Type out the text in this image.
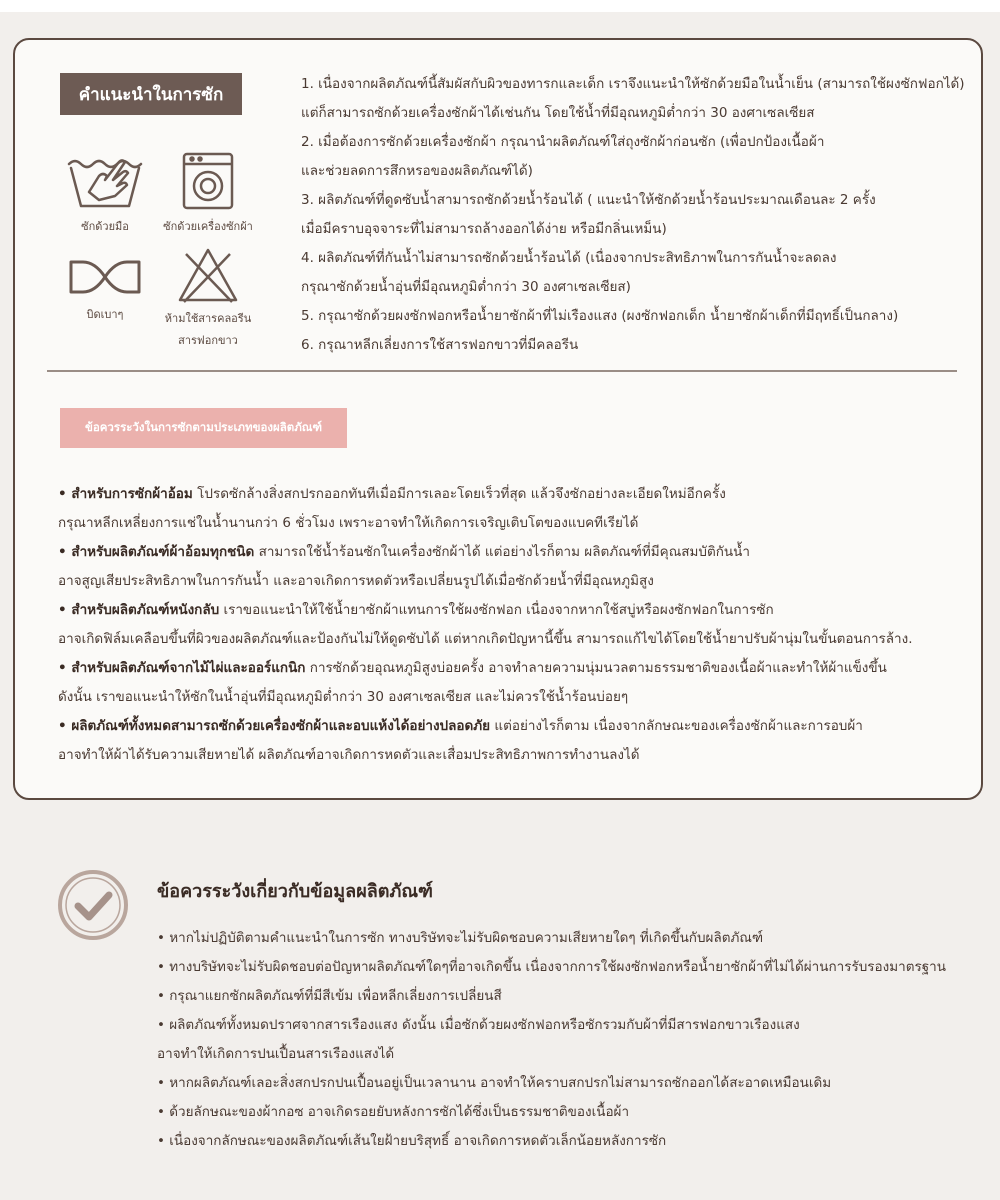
คำแนะนำในการซัก
ซักด้วยมือ	ซักด้วยเครื่องซักผ้า
บิดเบาๆ	ห้ามใช้สารคลอรีน
สารฟอกขาว
1. เนื่องจากผลิตภัณฑ์นี้สัมผัสกับผิวของทารกและเด็ก เราจึงแนะนำให้ซักด้วยมือในน้ำเย็น (สามารถใช้ผงซักฟอกได้)
แต่ก็สามารถซักด้วยเครื่องซักผ้าได้เช่นกัน โดยใช้น้ำที่มีอุณหภูมิต่ำกว่า 30 องศาเซลเซียส
2. เมื่อต้องการซักด้วยเครื่องซักผ้า กรุณานำผลิตภัณฑ์ใส่ถุงซักผ้าก่อนซัก (เพื่อปกป้องเนื้อผ้า
และช่วยลดการสึกหรอของผลิตภัณฑ์ได้)
3. ผลิตภัณฑ์ที่ดูดซับน้ำสามารถซักด้วยน้ำร้อนได้ ( แนะนำให้ซักด้วยน้ำร้อนประมาณเดือนละ 2 ครั้ง
เมื่อมีคราบอุจจาระที่ไม่สามารถล้างออกได้ง่าย หรือมีกลิ่นเหม็น)
4. ผลิตภัณฑ์ที่กันน้ำไม่สามารถซักด้วยน้ำร้อนได้ (เนื่องจากประสิทธิภาพในการกันน้ำจะลดลง
กรุณาซักด้วยน้ำอุ่นที่มีอุณหภูมิต่ำกว่า 30 องศาเซลเซียส)
5. กรุณาซักด้วยผงซักฟอกหรือน้ำยาซักผ้าที่ไม่เรืองแสง (ผงซักฟอกเด็ก น้ำยาซักผ้าเด็กที่มีฤทธิ์เป็นกลาง)
6. กรุณาหลีกเลี่ยงการใช้สารฟอกขาวที่มีคลอรีน
ข้อควรระวังในการซักตามประเภทของผลิตภัณฑ์
• สำหรับการซักผ้าอ้อม โปรดซักล้างสิ่งสกปรกออกทันทีเมื่อมีการเลอะโดยเร็วที่สุด แล้วจึงซักอย่างละเอียดใหม่อีกครั้ง
กรุณาหลีกเหลี่ยงการแช่ในน้ำนานกว่า 6 ชั่วโมง เพราะอาจทำให้เกิดการเจริญเติบโตของแบคทีเรียได้
• สำหรับผลิตภัณฑ์ผ้าอ้อมทุกชนิด สามารถใช้น้ำร้อนซักในเครื่องซักผ้าได้ แต่อย่างไรก็ตาม ผลิตภัณฑ์ที่มีคุณสมบัติกันน้ำ
อาจสูญเสียประสิทธิภาพในการกันน้ำ และอาจเกิดการหดตัวหรือเปลี่ยนรูปได้เมื่อซักด้วยน้ำที่มีอุณหภูมิสูง
• สำหรับผลิตภัณฑ์หนังกลับ เราขอแนะนำให้ใช้น้ำยาซักผ้าแทนการใช้ผงซักฟอก เนื่องจากหากใช้สบู่หรือผงซักฟอกในการซัก
อาจเกิดฟิล์มเคลือบขึ้นที่ผิวของผลิตภัณฑ์และป้องกันไม่ให้ดูดซับได้ แต่หากเกิดปัญหานี้ขึ้น สามารถแก้ไขได้โดยใช้น้ำยาปรับผ้านุ่มในขั้นตอนการล้าง.
• สำหรับผลิตภัณฑ์จากไม้ไผ่และออร์แกนิก การซักด้วยอุณหภูมิสูงบ่อยครั้ง อาจทำลายความนุ่มนวลตามธรรมชาติของเนื้อผ้าและทำให้ผ้าแข็งขึ้น
ดังนั้น เราขอแนะนำให้ซักในน้ำอุ่นที่มีอุณหภูมิต่ำกว่า 30 องศาเซลเซียส และไม่ควรใช้น้ำร้อนบ่อยๆ
• ผลิตภัณฑ์ทั้งหมดสามารถซักด้วยเครื่องซักผ้าและอบแห้งได้อย่างปลอดภัย แต่อย่างไรก็ตาม เนื่องจากลักษณะของเครื่องซักผ้าและการอบผ้า
อาจทำให้ผ้าได้รับความเสียหายได้ ผลิตภัณฑ์อาจเกิดการหดตัวและเสื่อมประสิทธิภาพการทำงานลงได้
ข้อควรระวังเกี่ยวกับข้อมูลผลิตภัณฑ์
• หากไม่ปฏิบัติตามคำแนะนำในการซัก ทางบริษัทจะไม่รับผิดชอบความเสียหายใดๆ ที่เกิดขึ้นกับผลิตภัณฑ์
• ทางบริษัทจะไม่รับผิดชอบต่อปัญหาผลิตภัณฑ์ใดๆที่อาจเกิดขึ้น เนื่องจากการใช้ผงซักฟอกหรือน้ำยาซักผ้าที่ไม่ได้ผ่านการรับรองมาตรฐาน
• กรุณาแยกซักผลิตภัณฑ์ที่มีสีเข้ม เพื่อหลีกเลี่ยงการเปลี่ยนสี
• ผลิตภัณฑ์ทั้งหมดปราศจากสารเรืองแสง ดังนั้น เมื่อซักด้วยผงซักฟอกหรือซักรวมกับผ้าที่มีสารฟอกขาวเรืองแสง
อาจทำให้เกิดการปนเปื้อนสารเรืองแสงได้
• หากผลิตภัณฑ์เลอะสิ่งสกปรกปนเปื้อนอยู่เป็นเวลานาน อาจทำให้คราบสกปรกไม่สามารถซักออกได้สะอาดเหมือนเดิม
• ด้วยลักษณะของผ้ากอซ อาจเกิดรอยยับหลังการซักได้ซึ่งเป็นธรรมชาติของเนื้อผ้า
• เนื่องจากลักษณะของผลิตภัณฑ์เส้นใยฝ้ายบริสุทธิ์ อาจเกิดการหดตัวเล็กน้อยหลังการซัก
